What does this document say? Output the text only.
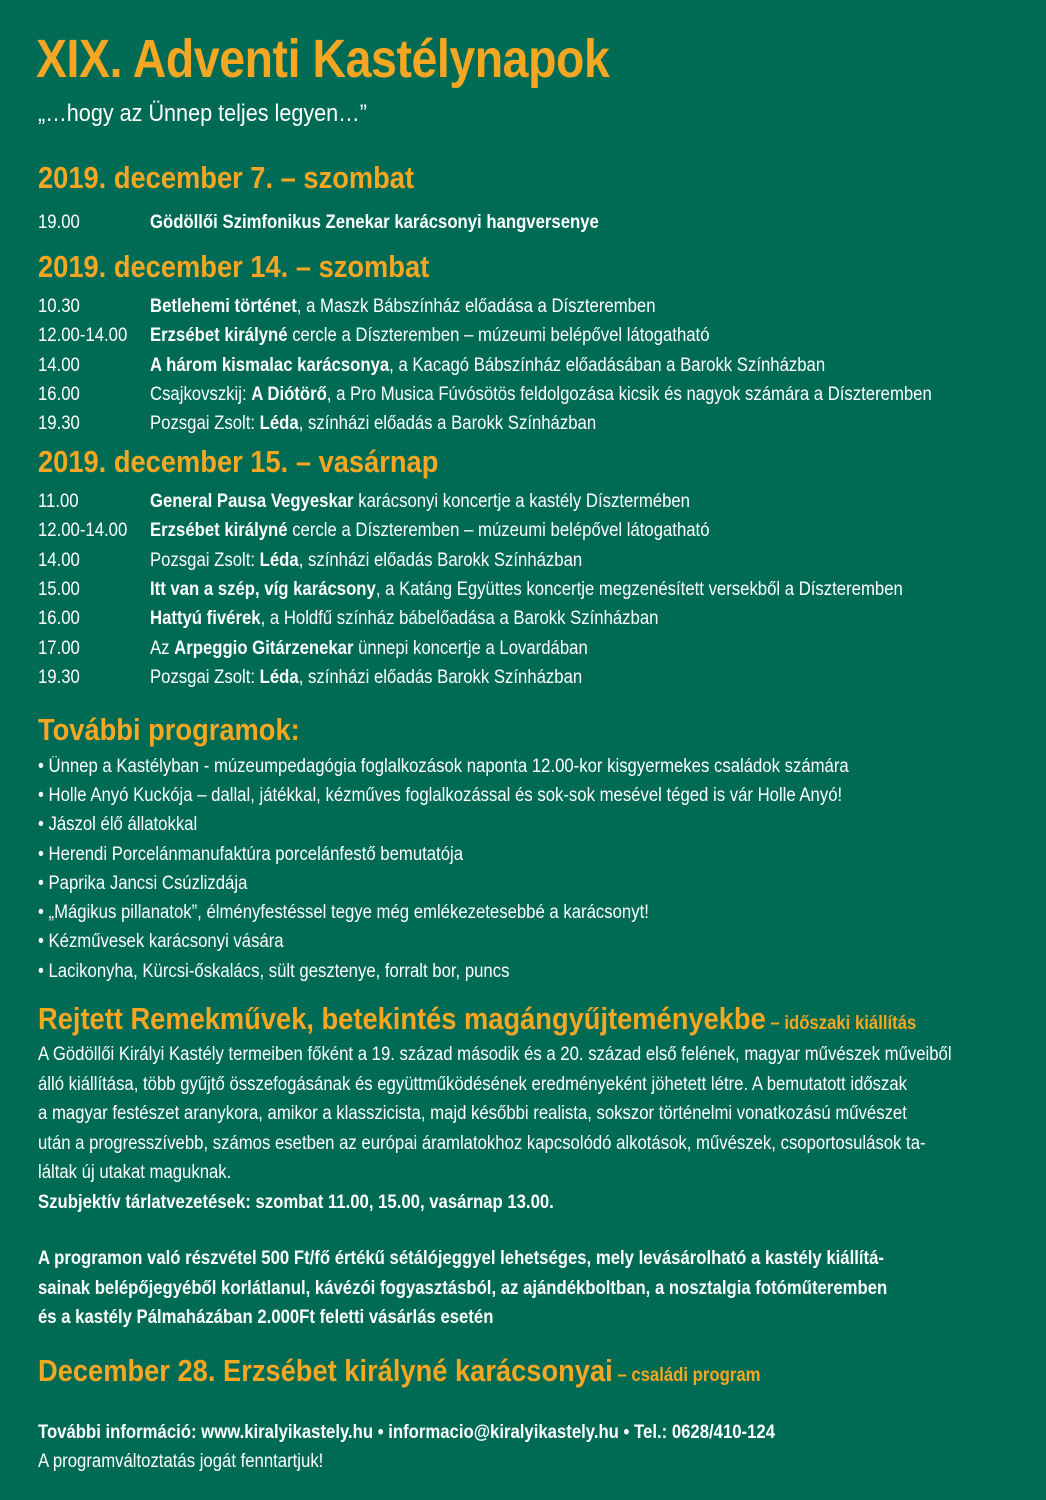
XIX. Adventi Kastélynapok
„…hogy az Ünnep teljes legyen…”
2019. december 7. – szombat
19.00	Gödöllői Szimfonikus Zenekar karácsonyi hangversenye
2019. december 14. – szombat
10.30	Betlehemi történet, a Maszk Bábszínház előadása a Díszteremben
12.00-14.00 Erzsébet királyné cercle a Díszteremben – múzeumi belépővel látogatható
14.00	A három kismalac karácsonya, a Kacagó Bábszínház előadásában a Barokk Színházban
16.00	Csajkovszkij: A Diótörő, a Pro Musica Fúvósötös feldolgozása kicsik és nagyok számára a Díszteremben
19.30	Pozsgai Zsolt: Léda, színházi előadás a Barokk Színházban
2019. december 15. – vasárnap
11.00	General Pausa Vegyeskar karácsonyi koncertje a kastély Dísztermében
12.00-14.00 Erzsébet királyné cercle a Díszteremben – múzeumi belépővel látogatható
14.00	Pozsgai Zsolt: Léda, színházi előadás Barokk Színházban
15.00	Itt van a szép, víg karácsony, a Katáng Együttes koncertje megzenésített versekből a Díszteremben
16.00	Hattyú fivérek, a Holdfű színház bábelőadása a Barokk Színházban
17.00	Az Arpeggio Gitárzenekar ünnepi koncertje a Lovardában
19.30	Pozsgai Zsolt: Léda, színházi előadás Barokk Színházban
További programok:
• Ünnep a Kastélyban - múzeumpedagógia foglalkozások naponta 12.00-kor kisgyermekes családok számára
• Holle Anyó Kuckója – dallal, játékkal, kézműves foglalkozással és sok-sok mesével téged is vár Holle Anyó!
• Jászol élő állatokkal
• Herendi Porcelánmanufaktúra porcelánfestő bemutatója
• Paprika Jancsi Csúzlizdája
• „Mágikus pillanatok”, élményfestéssel tegye még emlékezetesebbé a karácsonyt!
• Kézművesek karácsonyi vására
• Lacikonyha, Kürcsi-őskalács, sült gesztenye, forralt bor, puncs
Rejtett Remekművek, betekintés magángyűjteményekbe – időszaki kiállítás
A Gödöllői Királyi Kastély termeiben főként a 19. század második és a 20. század első felének, magyar művészek műveiből
álló kiállítása, több gyűjtő összefogásának és együttműködésének eredményeként jöhetett létre. A bemutatott időszak
a magyar festészet aranykora, amikor a klasszicista, majd későbbi realista, sokszor történelmi vonatkozású művészet
után a progresszívebb, számos esetben az európai áramlatokhoz kapcsolódó alkotások, művészek, csoportosulások ta-
láltak új utakat maguknak.
Szubjektív tárlatvezetések: szombat 11.00, 15.00, vasárnap 13.00.
A programon való részvétel 500 Ft/fő értékű sétálójeggyel lehetséges, mely levásárolható a kastély kiállítá-
sainak belépőjegyéből korlátlanul, kávézói fogyasztásból, az ajándékboltban, a nosztalgia fotóműteremben
és a kastély Pálmaházában 2.000Ft feletti vásárlás esetén
December 28. Erzsébet királyné karácsonyai – családi program
További információ: www.kiralyikastely.hu • informacio@kiralyikastely.hu • Tel.: 0628/410-124
A programváltoztatás jogát fenntartjuk!
